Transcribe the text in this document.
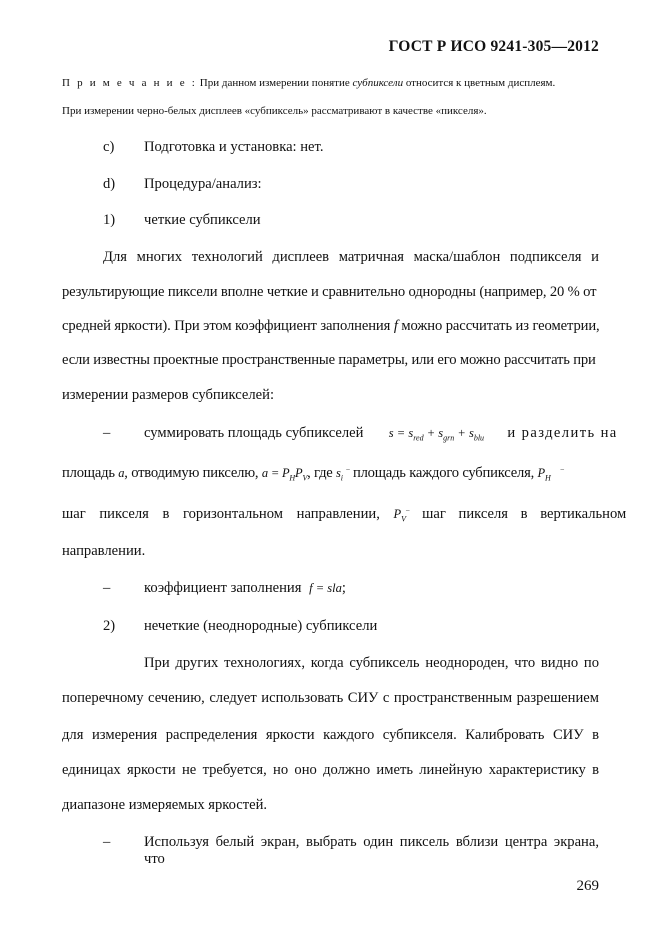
ГОСТ Р ИСО 9241-305—2012
П р и м е ч а н и е : При данном измерении понятие субпиксели относится к цветным дисплеям.
При измерении черно-белых дисплеев «субпиксель» рассматривают в качестве «пикселя».
c) Подготовка и установка: нет.
d) Процедура/анализ:
1) четкие субпиксели
Для многих технологий дисплеев матричная маска/шаблон подпикселя и
результирующие пиксели вполне четкие и сравнительно однородны (например, 20 % от
средней яркости). При этом коэффициент заполнения f можно рассчитать из геометрии,
если известны проектные пространственные параметры, или его можно рассчитать при
измерении размеров субпикселей:
– суммировать площадь субпикселей $s = s_{red} + s_{grn} + s_{blu}$ и разделить на
площадь a, отводимую пикселю, $a = P_HP_V$, где $s_i$ – площадь каждого субпикселя, $P_H^-$
шаг пикселя в горизонтальном направлении, $P_V^-$ шаг пикселя в вертикальном
направлении.
– коэффициент заполнения f = sla;
2) нечеткие (неоднородные) субпиксели
При других технологиях, когда субпиксель неоднороден, что видно по
поперечному сечению, следует использовать СИУ с пространственным разрешением
для измерения распределения яркости каждого субпикселя. Калибровать СИУ в
единицах яркости не требуется, но оно должно иметь линейную характеристику в
диапазоне измеряемых яркостей.
– Используя белый экран, выбрать один пиксель вблизи центра экрана, что
269
